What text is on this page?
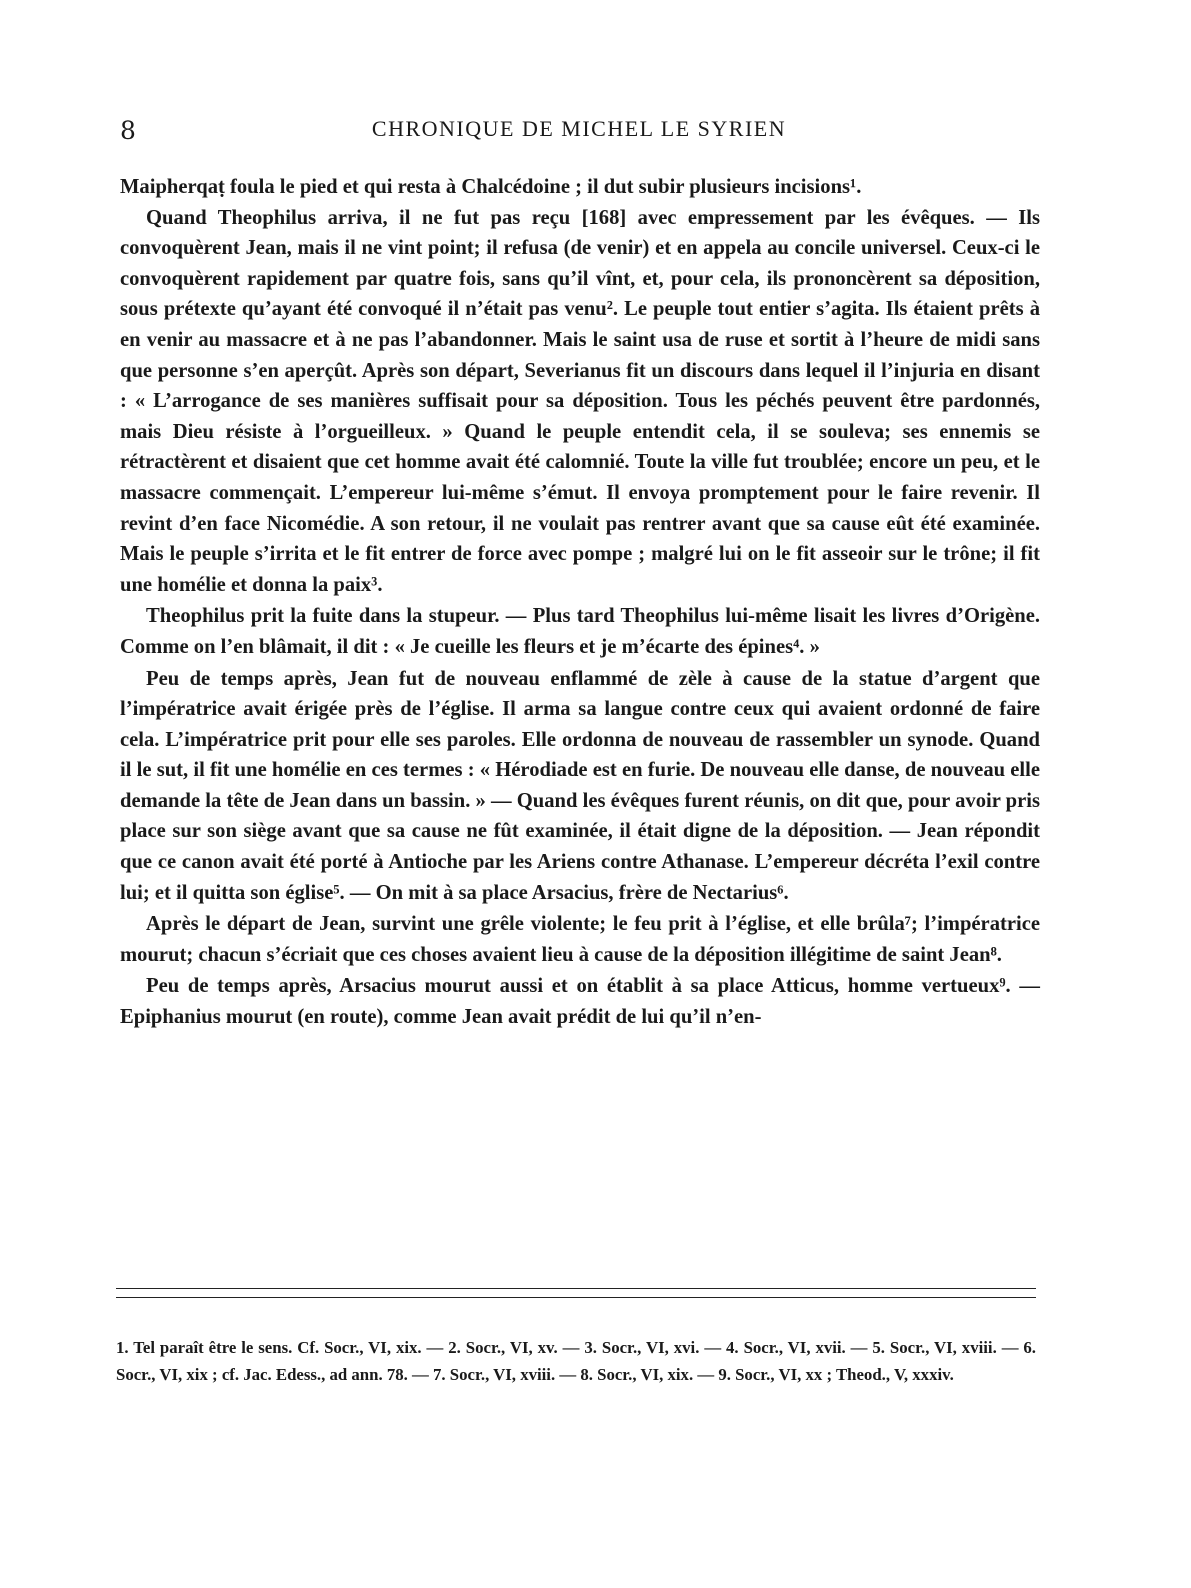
8	CHRONIQUE DE MICHEL LE SYRIEN

Maipherqaṭ foula le pied et qui resta à Chalcédoine ; il dut subir plusieurs incisions¹.

Quand Theophilus arriva, il ne fut pas reçu [168] avec empressement par les évêques. — Ils convoquèrent Jean, mais il ne vint point; il refusa (de venir) et en appela au concile universel. Ceux-ci le convoquèrent rapidement par quatre fois, sans qu’il vînt, et, pour cela, ils prononcèrent sa déposition, sous prétexte qu’ayant été convoqué il n’était pas venu². Le peuple tout entier s’agita. Ils étaient prêts à en venir au massacre et à ne pas l’abandonner. Mais le saint usa de ruse et sortit à l’heure de midi sans que personne s’en aperçût. Après son départ, Severianus fit un discours dans lequel il l’injuria en disant : « L’arrogance de ses manières suffisait pour sa déposition. Tous les péchés peuvent être pardonnés, mais Dieu résiste à l’orgueilleux. » Quand le peuple entendit cela, il se souleva; ses ennemis se rétractèrent et disaient que cet homme avait été calomnié. Toute la ville fut troublée; encore un peu, et le massacre commençait. L’empereur lui-même s’émut. Il envoya promptement pour le faire revenir. Il revint d’en face Nicomédie. A son retour, il ne voulait pas rentrer avant que sa cause eût été examinée. Mais le peuple s’irrita et le fit entrer de force avec pompe ; malgré lui on le fit asseoir sur le trône; il fit une homélie et donna la paix³.

Theophilus prit la fuite dans la stupeur. — Plus tard Theophilus lui-même lisait les livres d’Origène. Comme on l’en blâmait, il dit : « Je cueille les fleurs et je m’écarte des épines⁴. »

Peu de temps après, Jean fut de nouveau enflammé de zèle à cause de la statue d’argent que l’impératrice avait érigée près de l’église. Il arma sa langue contre ceux qui avaient ordonné de faire cela. L’impératrice prit pour elle ses paroles. Elle ordonna de nouveau de rassembler un synode. Quand il le sut, il fit une homélie en ces termes : « Hérodiade est en furie. De nouveau elle danse, de nouveau elle demande la tête de Jean dans un bassin. » — Quand les évêques furent réunis, on dit que, pour avoir pris place sur son siège avant que sa cause ne fût examinée, il était digne de la déposition. — Jean répondit que ce canon avait été porté à Antioche par les Ariens contre Athanase. L’empereur décréta l’exil contre lui; et il quitta son église⁵. — On mit à sa place Arsacius, frère de Nectarius⁶.

Après le départ de Jean, survint une grêle violente; le feu prit à l’église, et elle brûla⁷; l’impératrice mourut; chacun s’écriait que ces choses avaient lieu à cause de la déposition illégitime de saint Jean⁸.

Peu de temps après, Arsacius mourut aussi et on établit à sa place Atticus, homme vertueux⁹. — Epiphanius mourut (en route), comme Jean avait prédit de lui qu’il n’en-

1. Tel paraît être le sens. Cf. Socr., VI, xix. — 2. Socr., VI, xv. — 3. Socr., VI, xvi. — 4. Socr., VI, xvii. — 5. Socr., VI, xviii. — 6. Socr., VI, xix ; cf. Jac. Edess., ad ann. 78. — 7. Socr., VI, xviii. — 8. Socr., VI, xix. — 9. Socr., VI, xx ; Theod., V, xxxiv.
